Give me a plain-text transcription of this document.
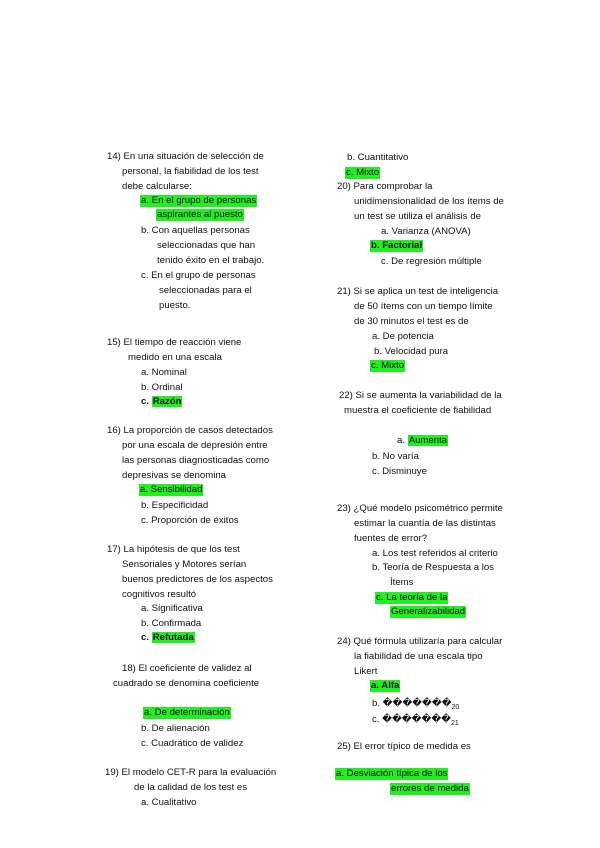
14) En una situación de selección de
personal, la fiabilidad de los test
debe calcularse:
a. En el grupo de personas
aspirantes al puesto
b. Con aquellas personas
seleccionadas que han
tenido éxito en el trabajo.
c. En el grupo de personas
seleccionadas para el
puesto.
15) El tiempo de reacción viene
medido en una escala
a. Nominal
b. Ordinal
c. Razón
16) La proporción de casos detectados
por una escala de depresión entre
las personas diagnosticadas como
depresivas se denomina
a. Sensibilidad
b. Especificidad
c. Proporción de éxitos
17) La hipótesis de que los test
Sensoriales y Motores serían
buenos predictores de los aspectos
cognitivos resultó
a. Significativa
b. Confirmada
c. Refutada
18) El coeficiente de validez al
cuadrado se denomina coeficiente
a. De determinación
b. De alienación
c. Cuadrático de validez
19) El modelo CET-R para la evaluación
de la calidad de los test es
a. Cualitativo
b. Cuantitativo
c. Mixto
20) Para comprobar la
unidimensionalidad de los ítems de
un test se utiliza el análisis de
a. Varianza (ANOVA)
b. Factorial
c. De regresión múltiple
21) Si se aplica un test de inteligencia
de 50 ítems con un tiempo límite
de 30 minutos el test es de
a. De potencia
b. Velocidad pura
c. Mixto
22) Si se aumenta la variabilidad de la
muestra el coeficiente de fiabilidad
a. Aumenta
b. No varía
c. Disminuye
23) ¿Qué modelo psicométrico permite
estimar la cuantía de las distintas
fuentes de error?
a. Los test referidos al criterio
b. Teoría de Respuesta a los
Ítems
c. La teoría de la
Generalizabilidad
24) Qué fórmula utilizaría para calcular
la fiabilidad de una escala tipo
Likert
a. Alfa
b. $�������_{20}$
c. $�������_{21}$
25) El error típico de medida es
a. Desviación típica de los
errores de medida
